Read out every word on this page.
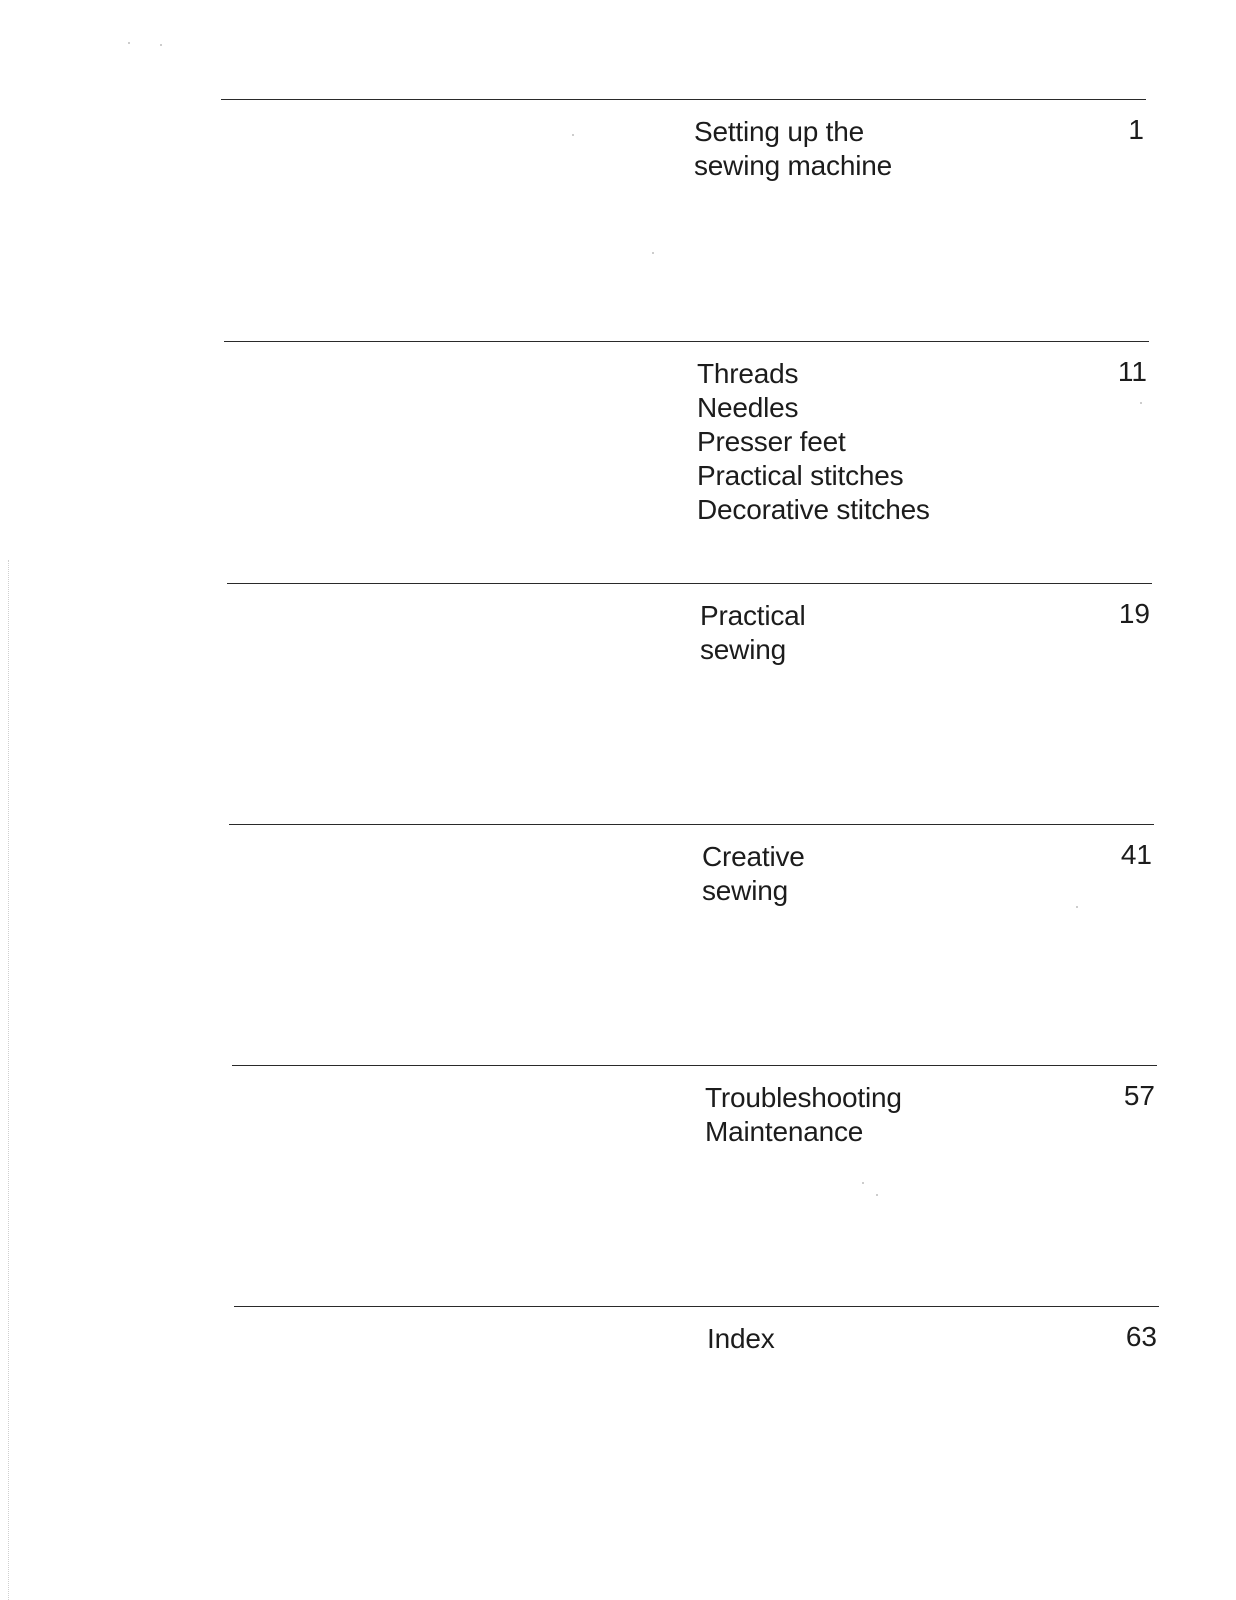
Setting up the
sewing machine
1
Threads
Needles
Presser feet
Practical stitches
Decorative stitches
11
Practical
sewing
19
Creative
sewing
41
Troubleshooting
Maintenance
57
Index	63
